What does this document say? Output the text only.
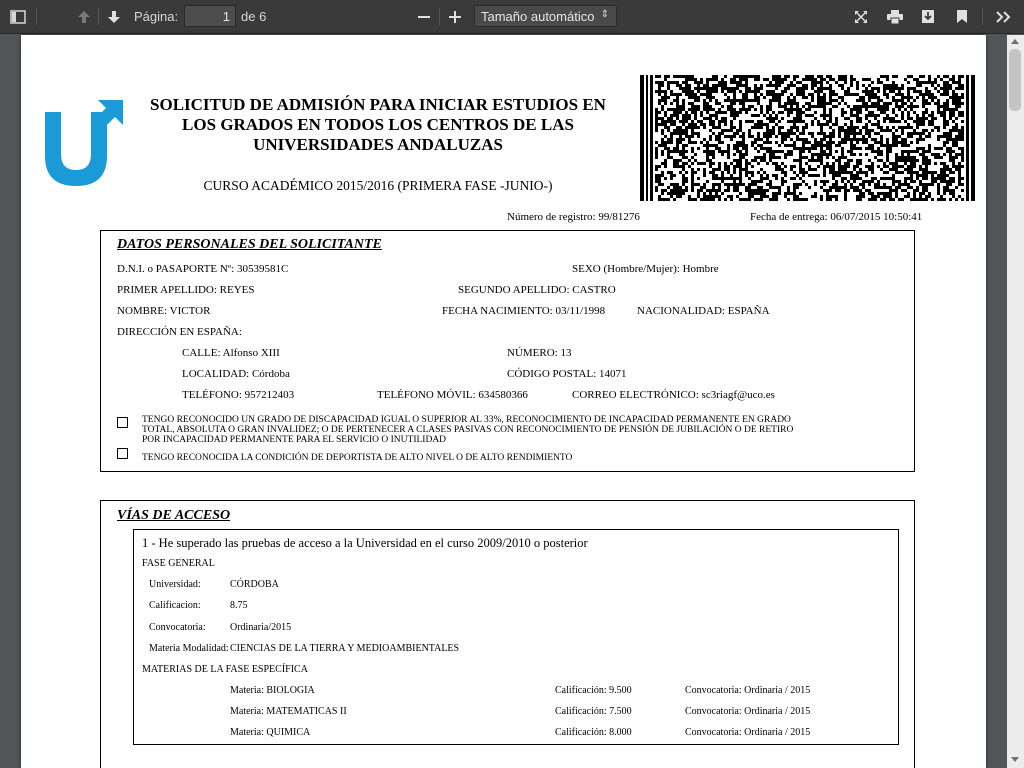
Página:
1	de 6	Tamaño automático ⇕
SOLICITUD DE ADMISIÓN PARA INICIAR ESTUDIOS EN
LOS GRADOS EN TODOS LOS CENTROS DE LAS
UNIVERSIDADES ANDALUZAS
CURSO ACADÉMICO 2015/2016 (PRIMERA FASE -JUNIO-)
Número de registro: 99/81276	Fecha de entrega: 06/07/2015 10:50:41
DATOS PERSONALES DEL SOLICITANTE
D.N.I. o PASAPORTE Nº: 30539581C	SEXO (Hombre/Mujer): Hombre
PRIMER APELLIDO: REYES	SEGUNDO APELLIDO: CASTRO
NOMBRE: VICTOR	FECHA NACIMIENTO: 03/11/1998	NACIONALIDAD: ESPAÑA
DIRECCIÓN EN ESPAÑA:
CALLE: Alfonso XIII	NÚMERO: 13
LOCALIDAD: Córdoba	CÓDIGO POSTAL: 14071
TELÉFONO: 957212403	TELÉFONO MÓVIL: 634580366	CORREO ELECTRÓNICO: sc3riagf@uco.es
TENGO RECONOCIDO UN GRADO DE DISCAPACIDAD IGUAL O SUPERIOR AL 33%, RECONOCIMIENTO DE INCAPACIDAD PERMANENTE EN GRADO
TOTAL, ABSOLUTA O GRAN INVALIDEZ; O DE PERTENECER A CLASES PASIVAS CON RECONOCIMIENTO DE PENSIÓN DE JUBILACIÓN O DE RETIRO
POR INCAPACIDAD PERMANENTE PARA EL SERVICIO O INUTILIDAD
TENGO RECONOCIDA LA CONDICIÓN DE DEPORTISTA DE ALTO NIVEL O DE ALTO RENDIMIENTO
VÍAS DE ACCESO
1 - He superado las pruebas de acceso a la Universidad en el curso 2009/2010 o posterior
FASE GENERAL
Universidad:	CÓRDOBA
Calificacion:	8.75
Convocatoria: Ordinaria/2015
Materia Modalidad: CIENCIAS DE LA TIERRA Y MEDIOAMBIENTALES
MATERIAS DE LA FASE ESPECÍFICA
Materia: BIOLOGIA	Calificación: 9.500	Convocatoria: Ordinaria / 2015
Materia: MATEMATICAS II	Calificación: 7.500	Convocatoria: Ordinaria / 2015
Materia: QUIMICA	Calificación: 8.000	Convocatoria: Ordinaria / 2015
